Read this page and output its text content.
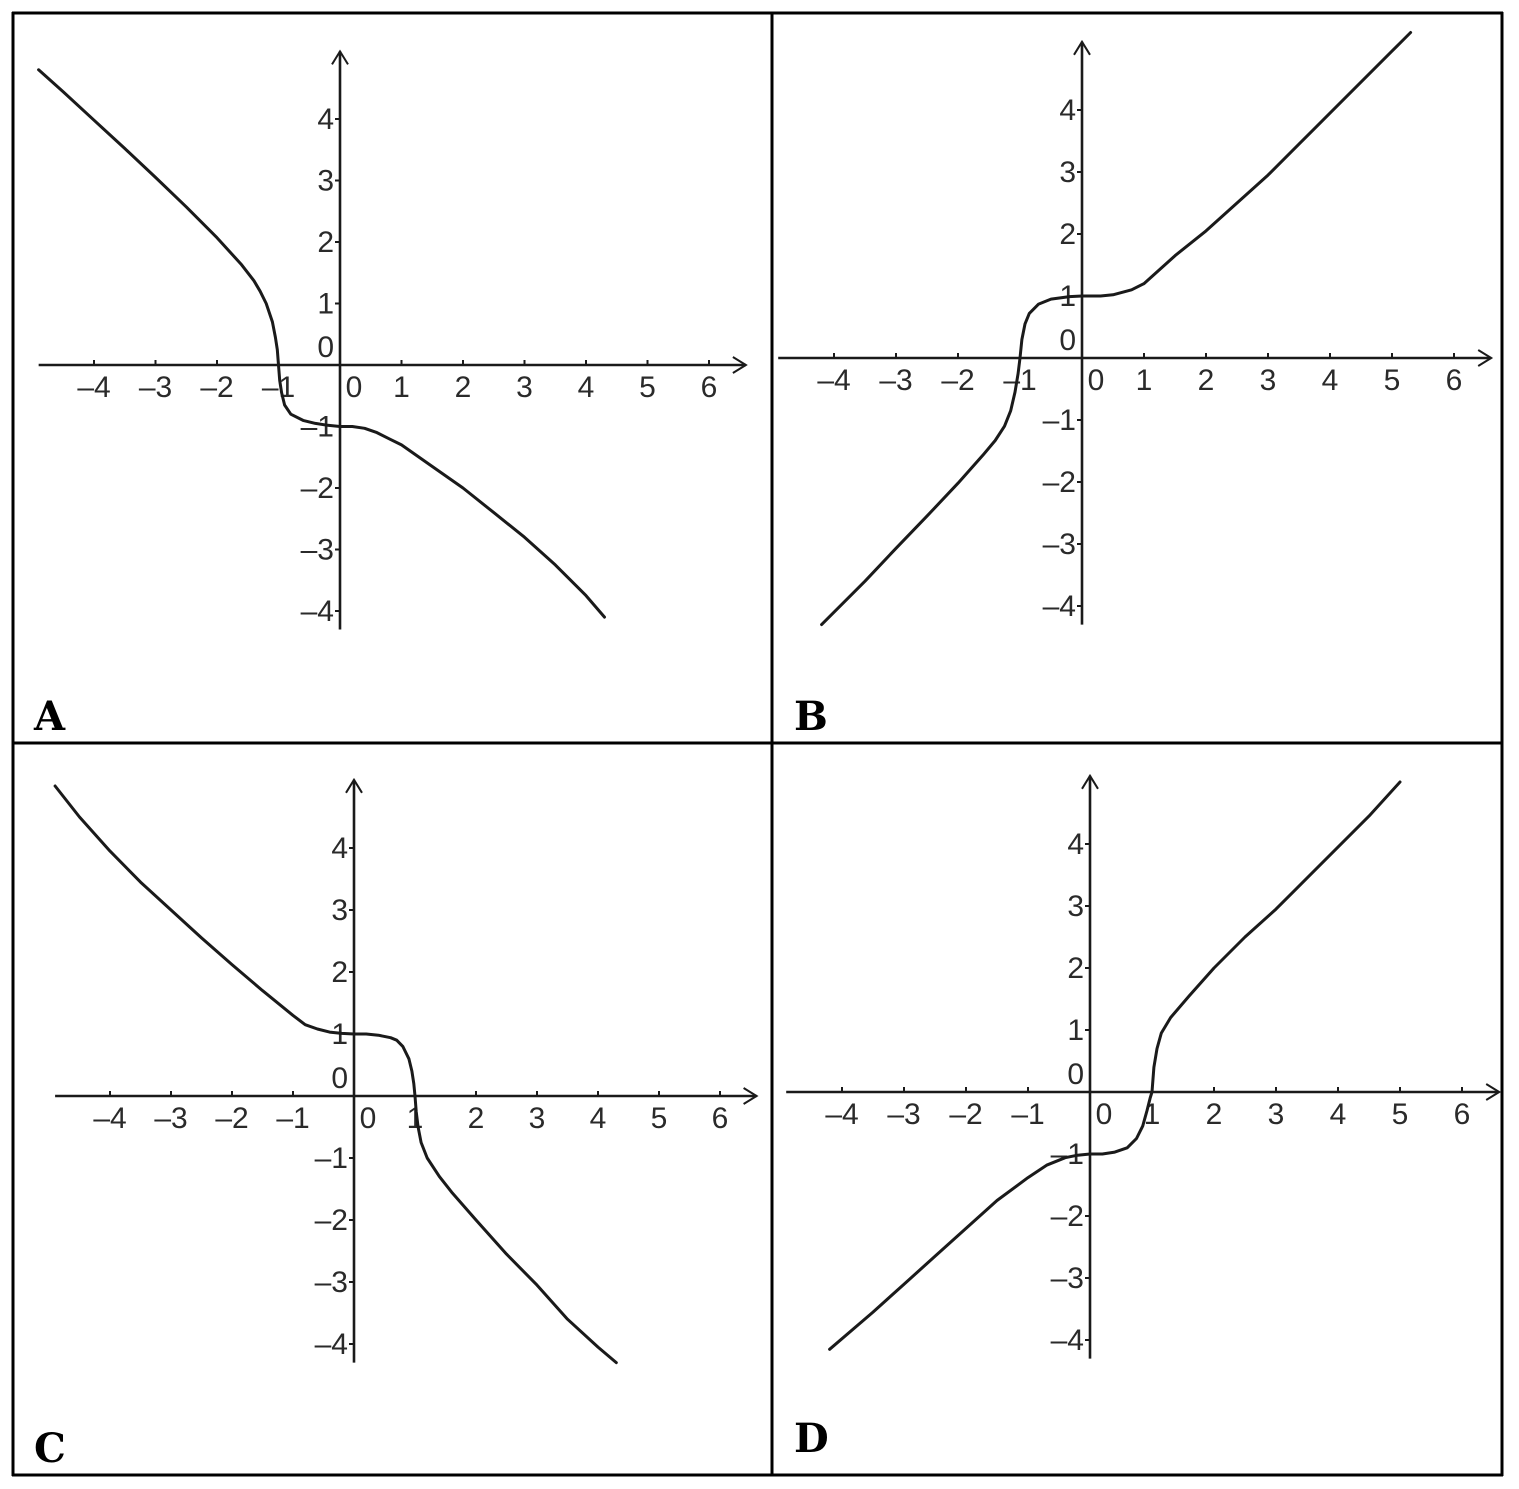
–4 –3 –2 –1 0 1 2 3 4 5 6
–4
–3
–2
–1
0
1
2
3
4
A
–4 –3 –2 –1 0 1 2 3 4 5 6
–4
–3
–2
–1
0
1
2
3
4
B
–4 –3 –2 –1 0 1 2 3 4 5 6
–4
–3
–2
–1
0
1
2
3
4
C
–4 –3 –2 –1 0 1 2 3 4 5 6
–4
–3
–2
–1
0
1
2
3
4
D
